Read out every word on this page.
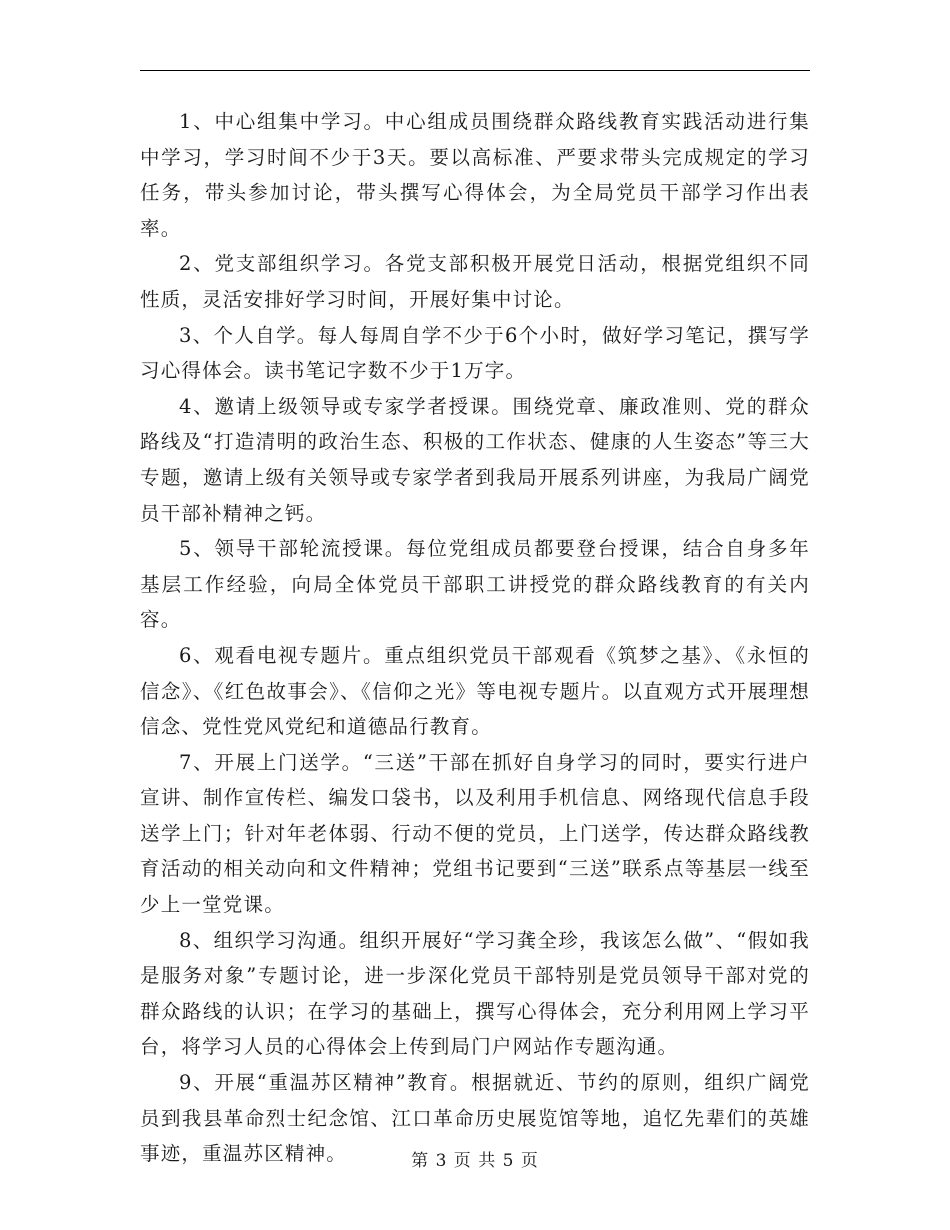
1、中心组集中学习。中心组成员围绕群众路线教育实践活动进行集中学习，学习时间不少于3天。要以高标准、严要求带头完成规定的学习任务，带头参加讨论，带头撰写心得体会，为全局党员干部学习作出表率。

2、党支部组织学习。各党支部积极开展党日活动，根据党组织不同性质，灵活安排好学习时间，开展好集中讨论。

3、个人自学。每人每周自学不少于6个小时，做好学习笔记，撰写学习心得体会。读书笔记字数不少于1万字。

4、邀请上级领导或专家学者授课。围绕党章、廉政准则、党的群众路线及“打造清明的政治生态、积极的工作状态、健康的人生姿态”等三大专题，邀请上级有关领导或专家学者到我局开展系列讲座，为我局广阔党员干部补精神之钙。

5、领导干部轮流授课。每位党组成员都要登台授课，结合自身多年基层工作经验，向局全体党员干部职工讲授党的群众路线教育的有关内容。

6、观看电视专题片。重点组织党员干部观看《筑梦之基》、《永恒的信念》、《红色故事会》、《信仰之光》等电视专题片。以直观方式开展理想信念、党性党风党纪和道德品行教育。

7、开展上门送学。“三送”干部在抓好自身学习的同时，要实行进户宣讲、制作宣传栏、编发口袋书，以及利用手机信息、网络现代信息手段送学上门；针对年老体弱、行动不便的党员，上门送学，传达群众路线教育活动的相关动向和文件精神；党组书记要到“三送”联系点等基层一线至少上一堂党课。

8、组织学习沟通。组织开展好“学习龚全珍，我该怎么做”、“假如我是服务对象”专题讨论，进一步深化党员干部特别是党员领导干部对党的群众路线的认识；在学习的基础上，撰写心得体会，充分利用网上学习平台，将学习人员的心得体会上传到局门户网站作专题沟通。

9、开展“重温苏区精神”教育。根据就近、节约的原则，组织广阔党员到我县革命烈士纪念馆、江口革命历史展览馆等地，追忆先辈们的英雄事迹，重温苏区精神。	第 3 页 共 5 页
